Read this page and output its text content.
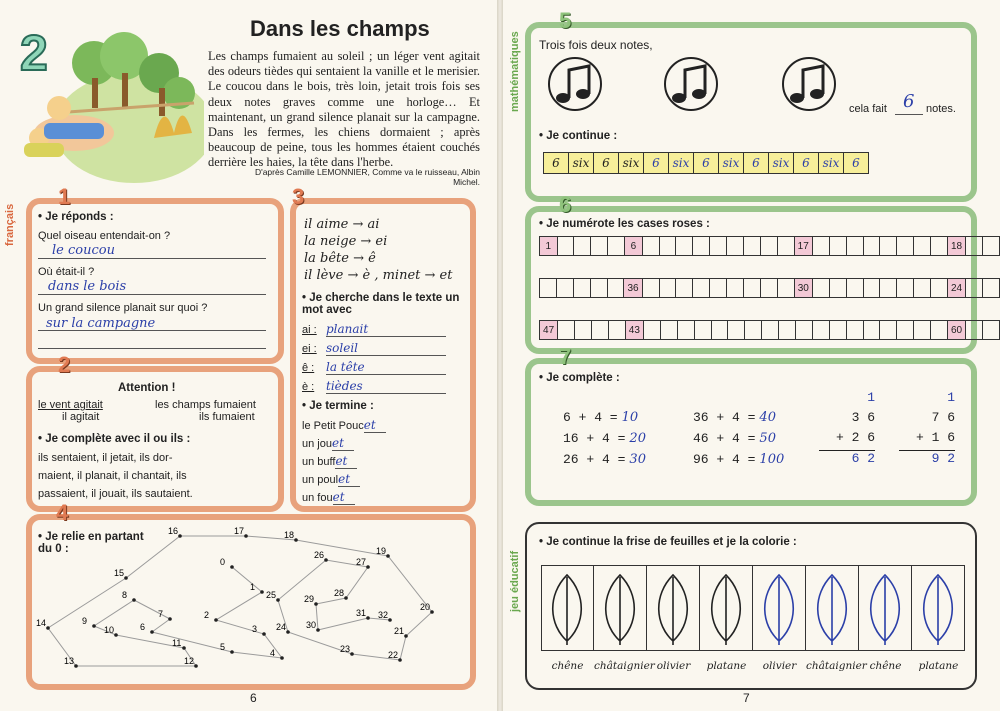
français
2	Dans les champs
Les champs fumaient au soleil ; un léger vent agitait des odeurs tièdes qui sentaient la vanille et le merisier. Le coucou dans le bois, très loin, jetait trois fois ses deux notes graves comme une horloge… Et maintenant, un grand silence planait sur la campagne. Dans les fermes, les chiens dormaient ; après beaucoup de peine, tous les hommes étaient couchés derrière les haies, la tête dans l'herbe.
D'après Camille LEMONNIER, Comme va le ruisseau, Albin Michel.
1
• Je réponds :
Quel oiseau entendait-on ?
le coucou
Où était-il ?
dans le bois
Un grand silence planait sur quoi ?
sur la campagne
2
Attention !
le vent agitait
il agitait
les champs fumaient
ils fumaient
• Je complète avec il ou ils :
ils sentaient, il jetait, ils dor-
maient, il planait, il chantait, ils
passaient, il jouait, ils sautaient.
3
il aime → ai
la neige → ei
la bête → ê
il lève → è , minet → et
• Je cherche dans le texte un mot avec
ai : planait
ei : soleil
ê : la tête
è : tièdes
• Je termine :
le Petit Poucet
un jouet
un buffet
un poulet
un fouet
4
• Je relie en partant du 0 :
0
1
2
3
4
5
6
7
8
9
10
11
12
13
14
15
16	17	18
19
20
21
22
23
24
25
26
27
28
29
30
31 32
6
mathématiques
jeu éducatif
5
Trois fois deux notes,
cela fait 6 notes.
• Je continue :
6	six	6	six	6	six	6	six	6	six	6	six	6
6
• Je numérote les cases roses :
1					6										17									18		
					36										30									24		
47					43																			60		
7
• Je complète :
6 + 4 = 10
16 + 4 = 20
26 + 4 = 30
36 + 4 = 40
46 + 4 = 50
96 + 4 = 100
1
3 6
+ 2 6
6 2
1
7 6
+ 1 6
9 2
• Je continue la frise de feuilles et je la colorie :
chêne châtaignier olivier platane olivier châtaignier chêne platane
7
